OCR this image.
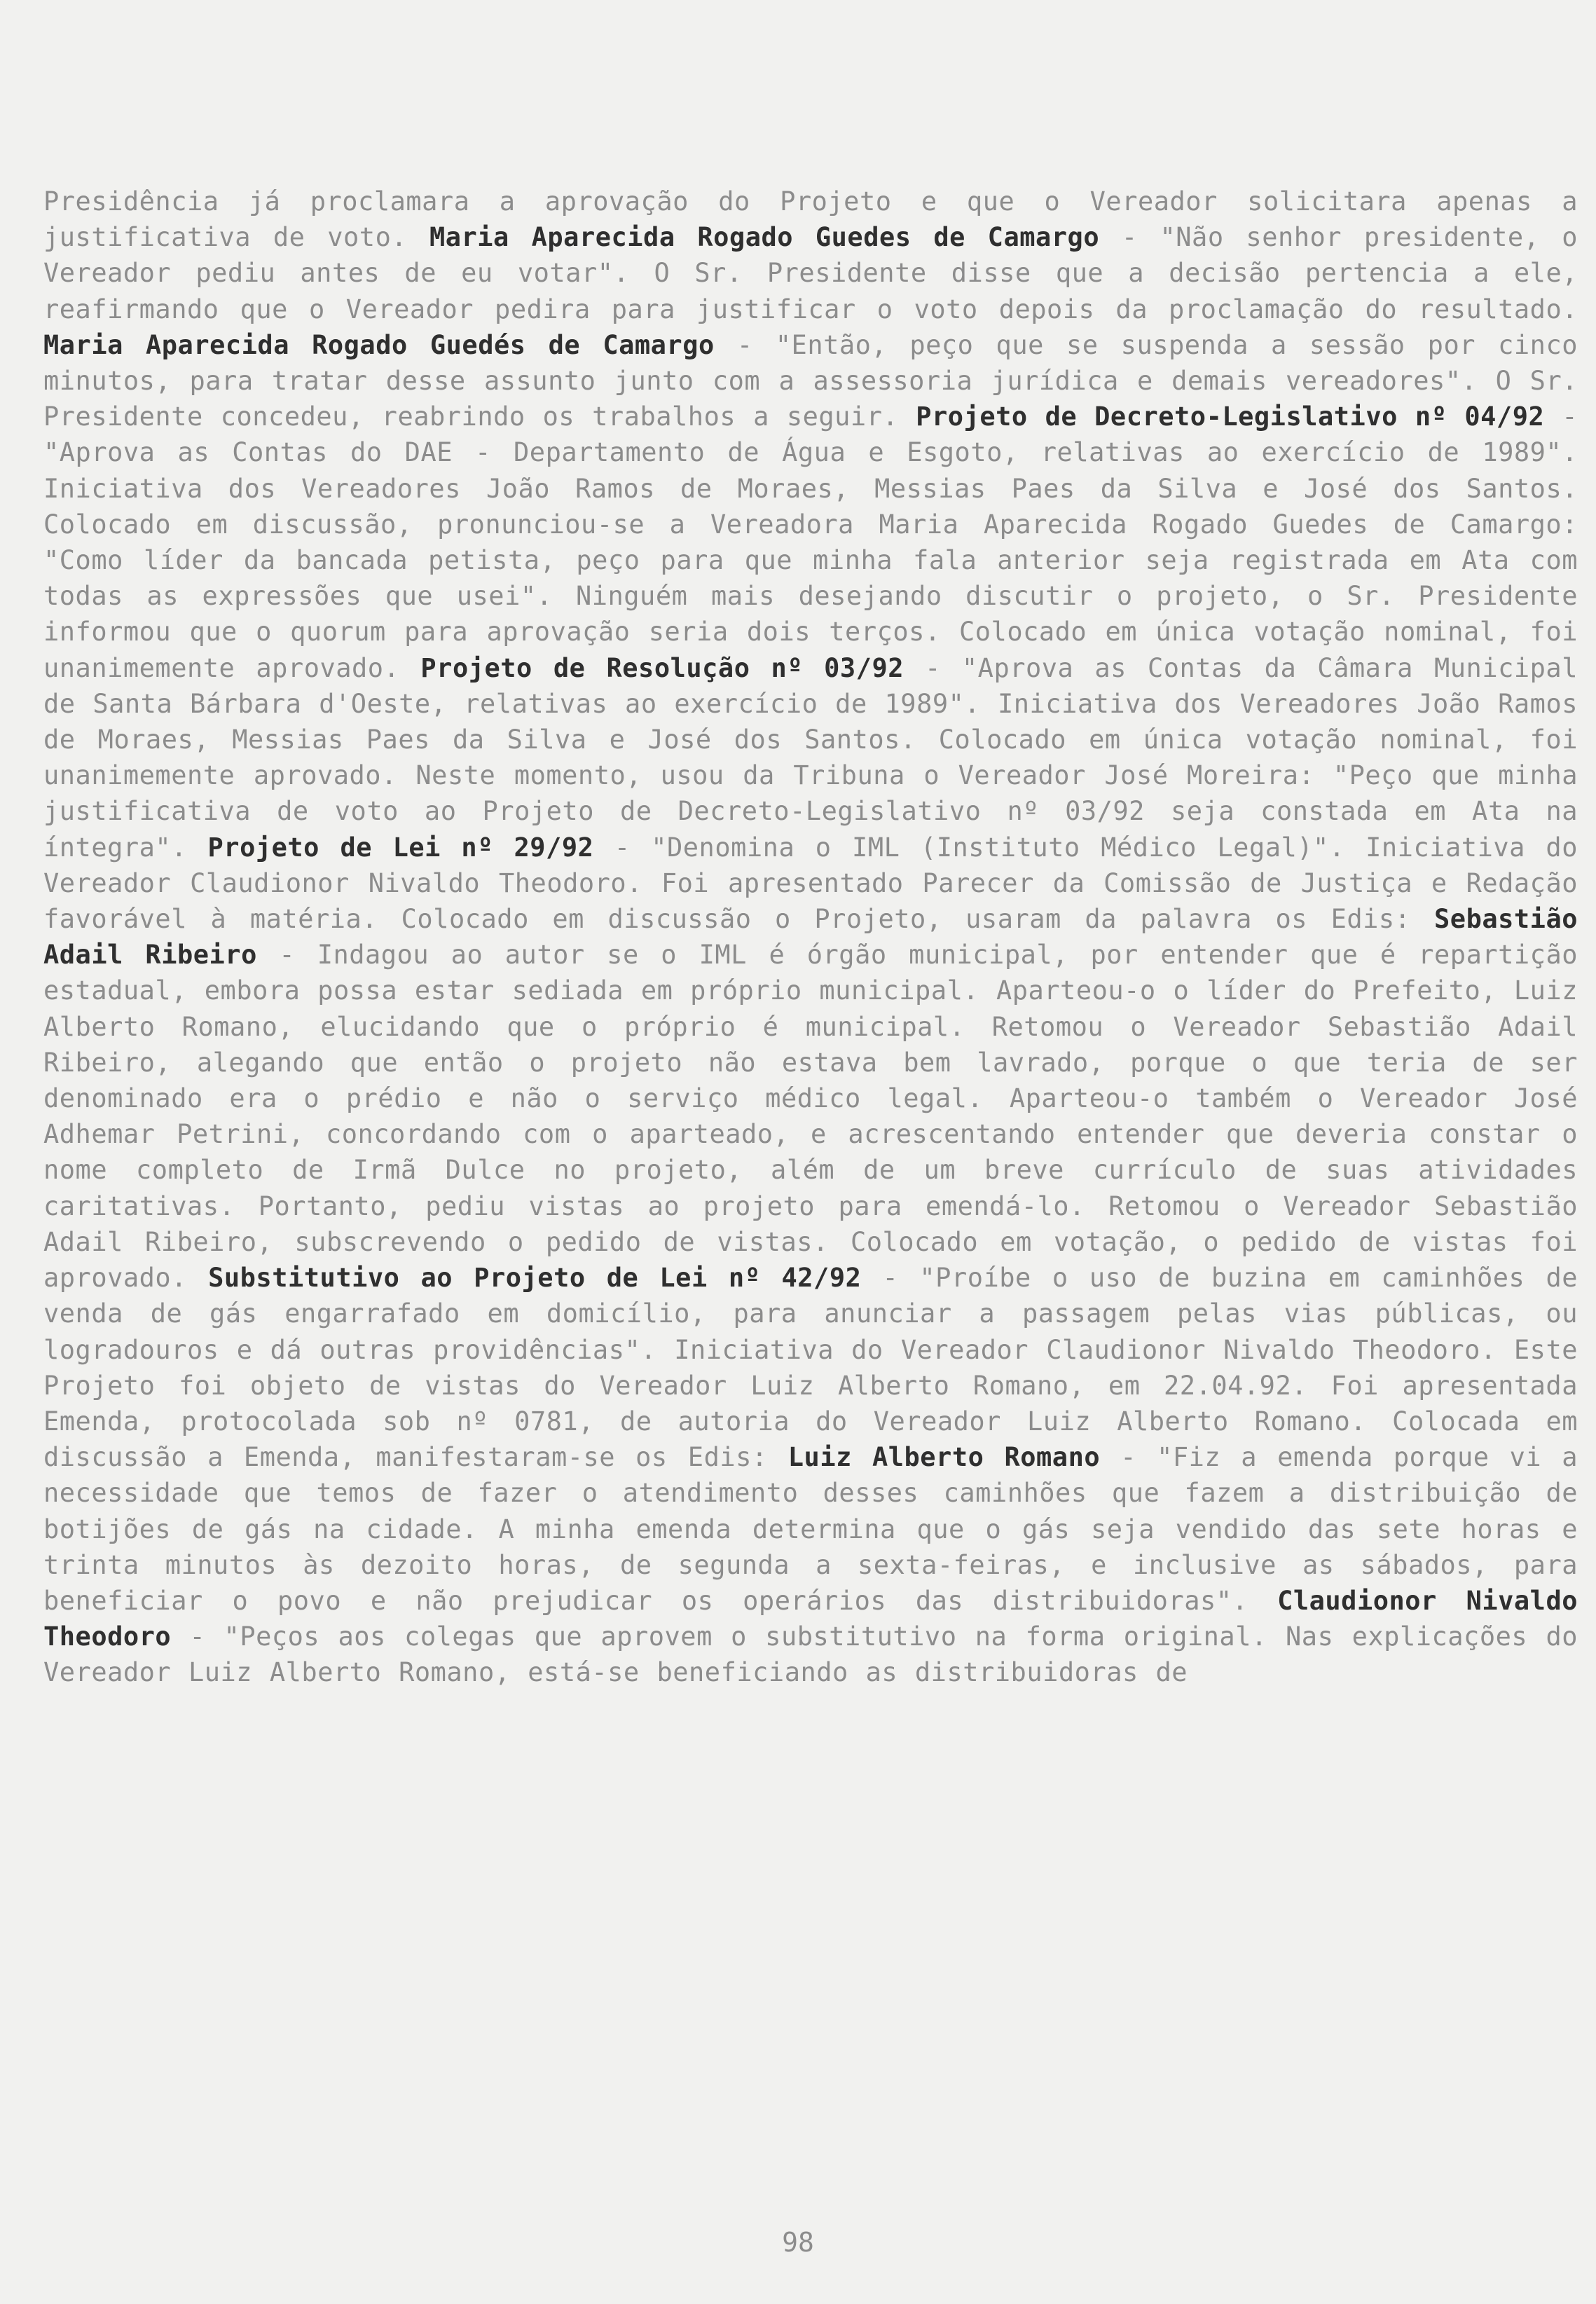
Presidência já proclamara a aprovação do Projeto e que o Vereador solicitara apenas a justificativa de voto. Maria Aparecida Rogado Guedes de Camargo - "Não senhor presidente, o Vereador pediu antes de eu votar". O Sr. Presidente disse que a decisão pertencia a ele, reafirmando que o Vereador pedira para justificar o voto depois da proclamação do resultado. Maria Aparecida Rogado Guedés de Camargo - "Então, peço que se suspenda a sessão por cinco minutos, para tratar desse assunto junto com a assessoria jurídica e demais vereadores". O Sr. Presidente concedeu, reabrindo os trabalhos a seguir. Projeto de Decreto-Legislativo nº 04/92 - "Aprova as Contas do DAE - Departamento de Água e Esgoto, relativas ao exercício de 1989". Iniciativa dos Vereadores João Ramos de Moraes, Messias Paes da Silva e José dos Santos. Colocado em discussão, pronunciou-se a Vereadora Maria Aparecida Rogado Guedes de Camargo: "Como líder da bancada petista, peço para que minha fala anterior seja registrada em Ata com todas as expressões que usei". Ninguém mais desejando discutir o projeto, o Sr. Presidente informou que o quorum para aprovação seria dois terços. Colocado em única votação nominal, foi unanimemente aprovado. Projeto de Resolução nº 03/92 - "Aprova as Contas da Câmara Municipal de Santa Bárbara d'Oeste, relativas ao exercício de 1989". Iniciativa dos Vereadores João Ramos de Moraes, Messias Paes da Silva e José dos Santos. Colocado em única votação nominal, foi unanimemente aprovado. Neste momento, usou da Tribuna o Vereador José Moreira: "Peço que minha justificativa de voto ao Projeto de Decreto-Legislativo nº 03/92 seja constada em Ata na íntegra". Projeto de Lei nº 29/92 - "Denomina o IML (Instituto Médico Legal)". Iniciativa do Vereador Claudionor Nivaldo Theodoro. Foi apresentado Parecer da Comissão de Justiça e Redação favorável à matéria. Colocado em discussão o Projeto, usaram da palavra os Edis: Sebastião Adail Ribeiro - Indagou ao autor se o IML é órgão municipal, por entender que é repartição estadual, embora possa estar sediada em próprio municipal. Aparteou-o o líder do Prefeito, Luiz Alberto Romano, elucidando que o próprio é municipal. Retomou o Vereador Sebastião Adail Ribeiro, alegando que então o projeto não estava bem lavrado, porque o que teria de ser denominado era o prédio e não o serviço médico legal. Aparteou-o também o Vereador José Adhemar Petrini, concordando com o aparteado, e acrescentando entender que deveria constar o nome completo de Irmã Dulce no projeto, além de um breve currículo de suas atividades caritativas. Portanto, pediu vistas ao projeto para emendá-lo. Retomou o Vereador Sebastião Adail Ribeiro, subscrevendo o pedido de vistas. Colocado em votação, o pedido de vistas foi aprovado. Substitutivo ao Projeto de Lei nº 42/92 - "Proíbe o uso de buzina em caminhões de venda de gás engarrafado em domicílio, para anunciar a passagem pelas vias públicas, ou logradouros e dá outras providências". Iniciativa do Vereador Claudionor Nivaldo Theodoro. Este Projeto foi objeto de vistas do Vereador Luiz Alberto Romano, em 22.04.92. Foi apresentada Emenda, protocolada sob nº 0781, de autoria do Vereador Luiz Alberto Romano. Colocada em discussão a Emenda, manifestaram-se os Edis: Luiz Alberto Romano - "Fiz a emenda porque vi a necessidade que temos de fazer o atendimento desses caminhões que fazem a distribuição de botijões de gás na cidade. A minha emenda determina que o gás seja vendido das sete horas e trinta minutos às dezoito horas, de segunda a sexta-feiras, e inclusive as sábados, para beneficiar o povo e não prejudicar os operários das distribuidoras". Claudionor Nivaldo Theodoro - "Peços aos colegas que aprovem o substitutivo na forma original. Nas explicações do Vereador Luiz Alberto Romano, está-se beneficiando as distribuidoras de

98
